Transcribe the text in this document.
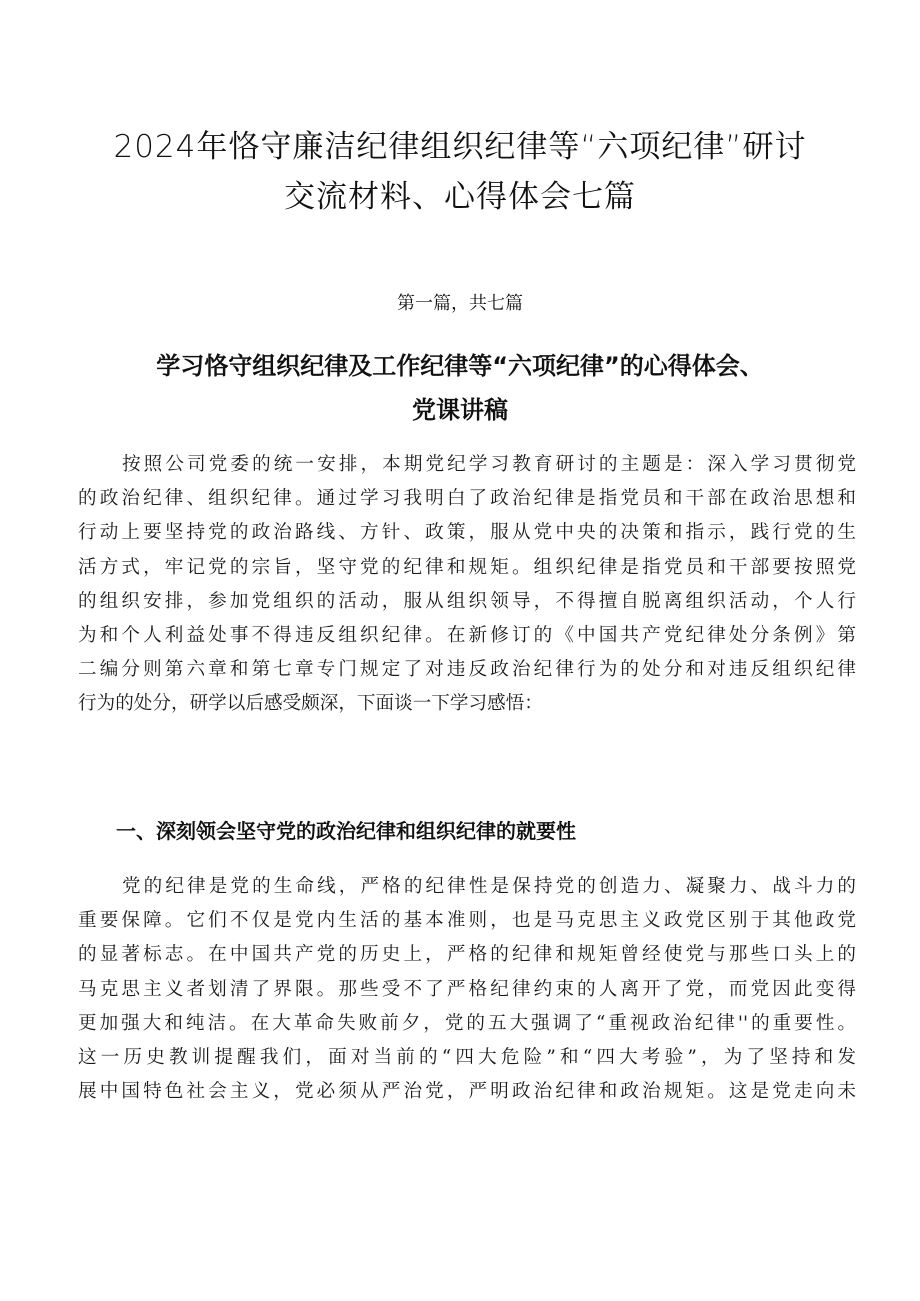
2024年恪守廉洁纪律组织纪律等“六项纪律”研讨
交流材料、心得体会七篇
第一篇，共七篇
学习恪守组织纪律及工作纪律等“六项纪律”的心得体会、
党课讲稿
按照公司党委的统一安排，本期党纪学习教育研讨的主题是：深入学习贯彻党
的政治纪律、组织纪律。通过学习我明白了政治纪律是指党员和干部在政治思想和
行动上要坚持党的政治路线、方针、政策，服从党中央的决策和指示，践行党的生
活方式，牢记党的宗旨，坚守党的纪律和规矩。组织纪律是指党员和干部要按照党
的组织安排，参加党组织的活动，服从组织领导，不得擅自脱离组织活动，个人行
为和个人利益处事不得违反组织纪律。在新修订的《中国共产党纪律处分条例》第
二编分则第六章和第七章专门规定了对违反政治纪律行为的处分和对违反组织纪律
行为的处分，研学以后感受颇深，下面谈一下学习感悟：
一、深刻领会坚守党的政治纪律和组织纪律的就要性
党的纪律是党的生命线，严格的纪律性是保持党的创造力、凝聚力、战斗力的
重要保障。它们不仅是党内生活的基本准则，也是马克思主义政党区别于其他政党
的显著标志。在中国共产党的历史上，严格的纪律和规矩曾经使党与那些口头上的
马克思主义者划清了界限。那些受不了严格纪律约束的人离开了党，而党因此变得
更加强大和纯洁。在大革命失败前夕，党的五大强调了“重视政治纪律''的重要性。
这一历史教训提醒我们，面对当前的“四大危险”和“四大考验”，为了坚持和发
展中国特色社会主义，党必须从严治党，严明政治纪律和政治规矩。这是党走向未
